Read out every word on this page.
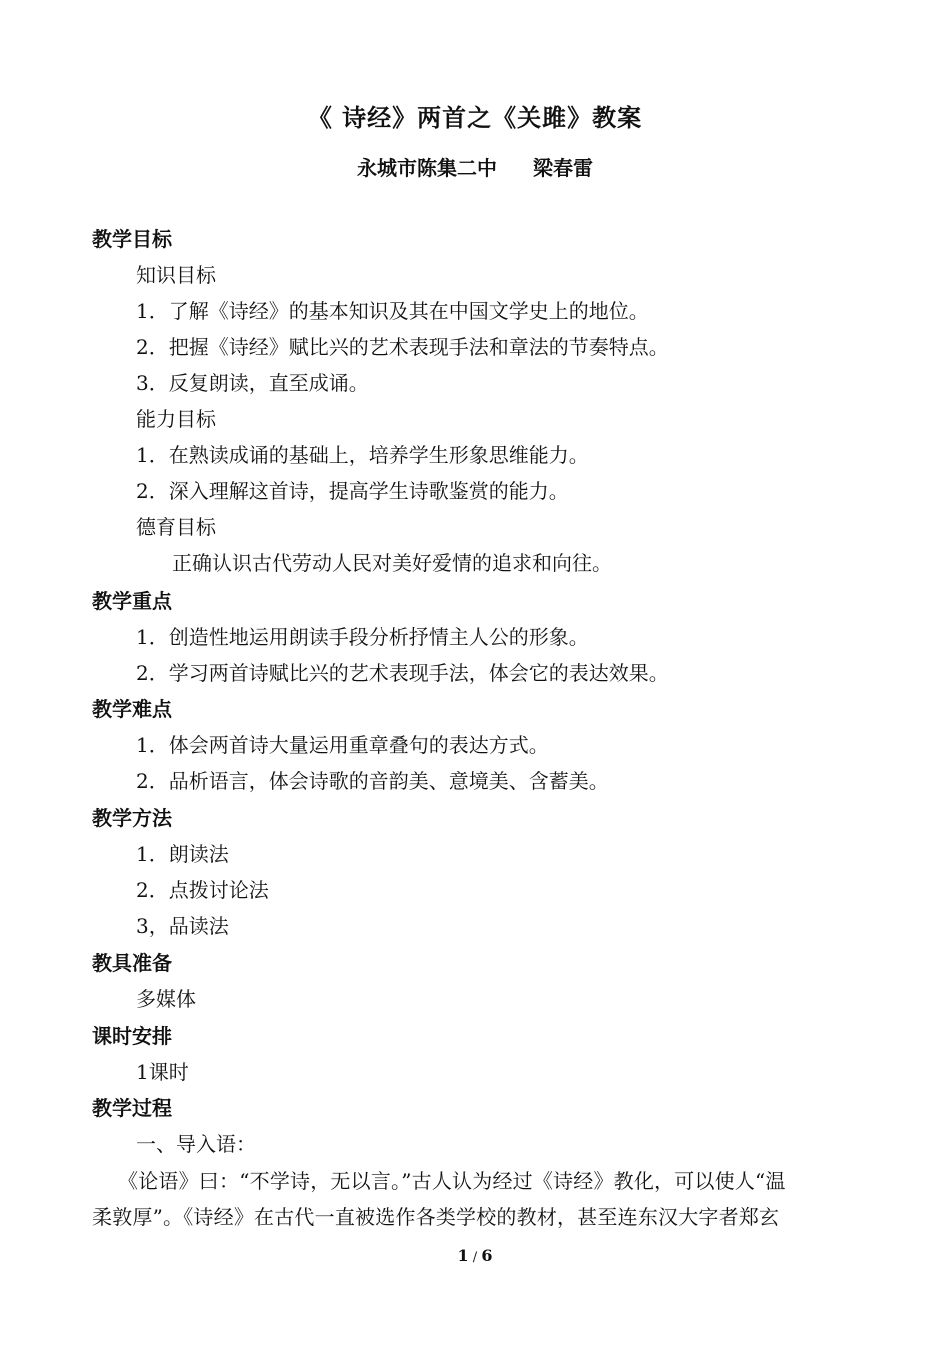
《 诗经》两首之《关雎》教案
永城市陈集二中 梁春雷
教学目标
知识目标
1．了解《诗经》的基本知识及其在中国文学史上的地位。
2．把握《诗经》赋比兴的艺术表现手法和章法的节奏特点。
3．反复朗读，直至成诵。
能力目标
1．在熟读成诵的基础上，培养学生形象思维能力。
2．深入理解这首诗，提高学生诗歌鉴赏的能力。
德育目标
正确认识古代劳动人民对美好爱情的追求和向往。
教学重点
1．创造性地运用朗读手段分析抒情主人公的形象。
2．学习两首诗赋比兴的艺术表现手法，体会它的表达效果。
教学难点
1．体会两首诗大量运用重章叠句的表达方式。
2．品析语言，体会诗歌的音韵美、意境美、含蓄美。
教学方法
1．朗读法
2．点拨讨论法
3，品读法
教具准备
多媒体
课时安排
1课时
教学过程
一、导入语：
《论语》曰：“不学诗，无以言。”古人认为经过《诗经》教化，可以使人“温
柔敦厚”。《诗经》在古代一直被选作各类学校的教材，甚至连东汉大字者郑玄
1 / 6
